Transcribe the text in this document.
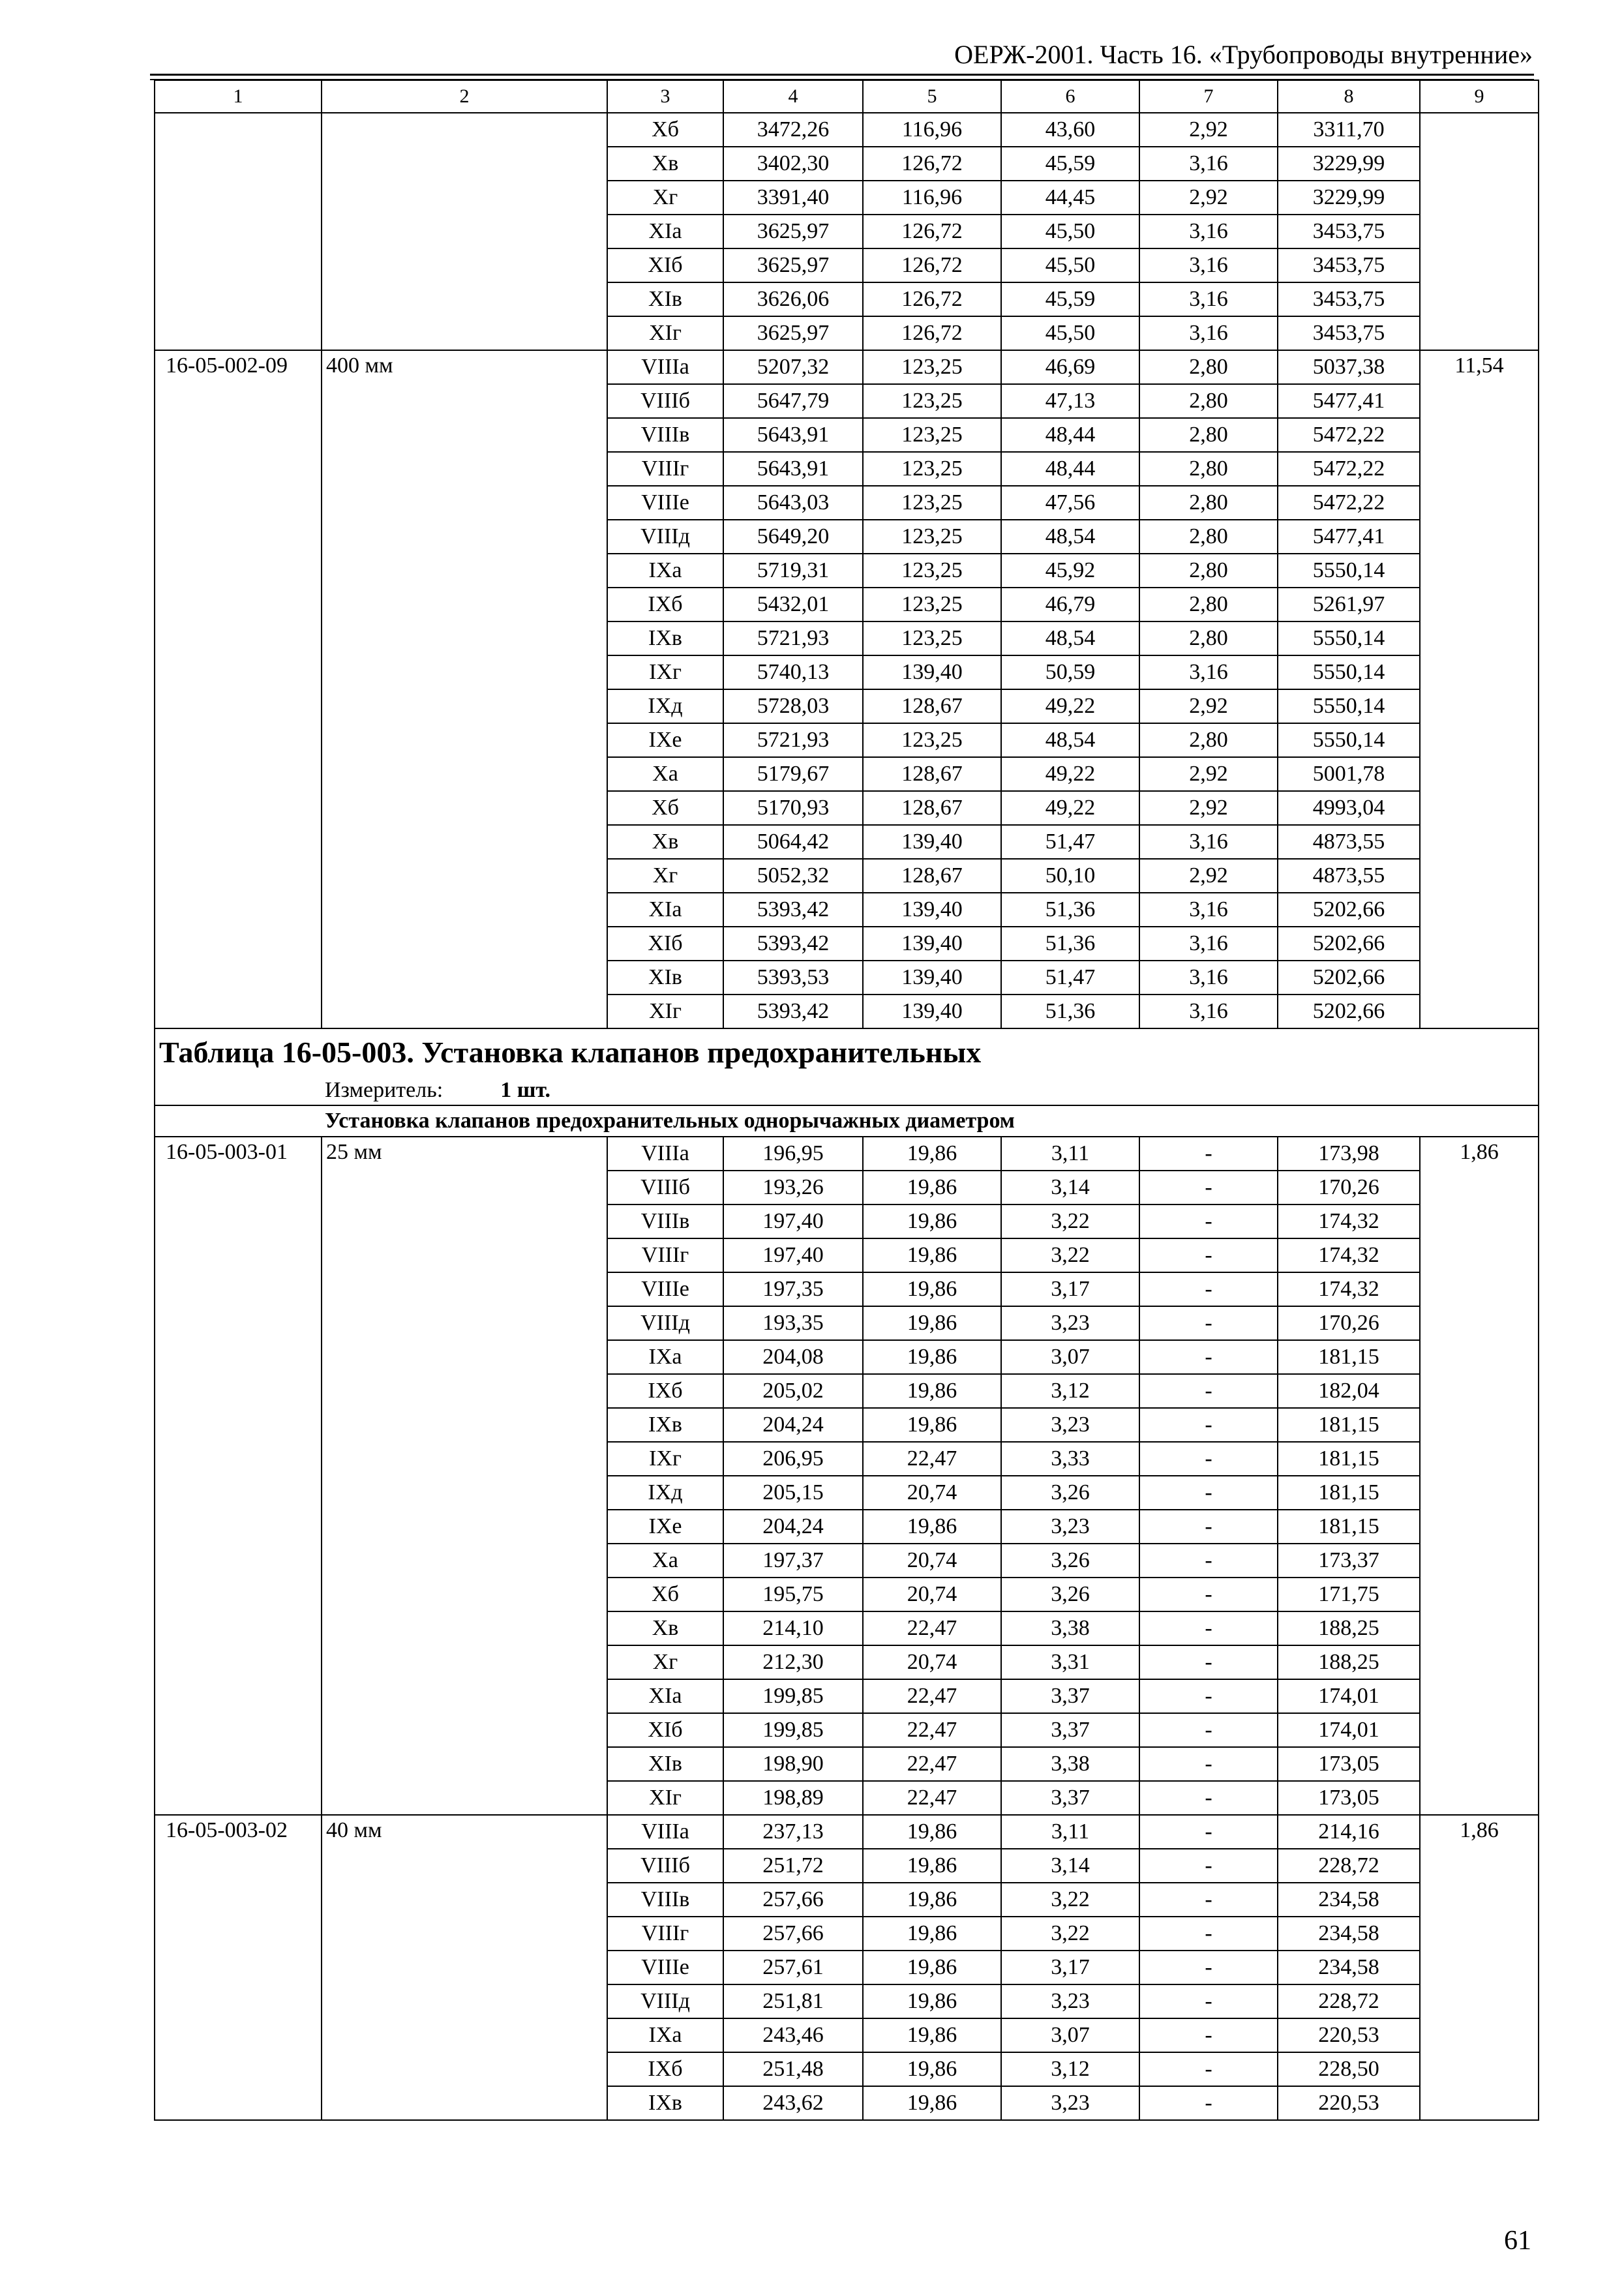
ОЕРЖ-2001. Часть 16. «Трубопроводы внутренние»
1	2	3	4	5	6	7	8	9
		Xб	3472,26	116,96	43,60	2,92	3311,70	
		Xв	3402,30	126,72	45,59	3,16	3229,99	
		Xг	3391,40	116,96	44,45	2,92	3229,99	
		XIа	3625,97	126,72	45,50	3,16	3453,75	
		XIб	3625,97	126,72	45,50	3,16	3453,75	
		XIв	3626,06	126,72	45,59	3,16	3453,75	
		XIг	3625,97	126,72	45,50	3,16	3453,75	
16-05-002-09	400 мм	VIIIа	5207,32	123,25	46,69	2,80	5037,38	11,54
		VIIIб	5647,79	123,25	47,13	2,80	5477,41	
		VIIIв	5643,91	123,25	48,44	2,80	5472,22	
		VIIIг	5643,91	123,25	48,44	2,80	5472,22	
		VIIIе	5643,03	123,25	47,56	2,80	5472,22	
		VIIIд	5649,20	123,25	48,54	2,80	5477,41	
		IXа	5719,31	123,25	45,92	2,80	5550,14	
		IXб	5432,01	123,25	46,79	2,80	5261,97	
		IXв	5721,93	123,25	48,54	2,80	5550,14	
		IXг	5740,13	139,40	50,59	3,16	5550,14	
		IXд	5728,03	128,67	49,22	2,92	5550,14	
		IXе	5721,93	123,25	48,54	2,80	5550,14	
		Xа	5179,67	128,67	49,22	2,92	5001,78	
		Xб	5170,93	128,67	49,22	2,92	4993,04	
		Xв	5064,42	139,40	51,47	3,16	4873,55	
		Xг	5052,32	128,67	50,10	2,92	4873,55	
		XIа	5393,42	139,40	51,36	3,16	5202,66	
		XIб	5393,42	139,40	51,36	3,16	5202,66	
		XIв	5393,53	139,40	51,47	3,16	5202,66	
		XIг	5393,42	139,40	51,36	3,16	5202,66	
Таблица 16-05-003. Установка клапанов предохранительных								
Измеритель: 1 шт.								
Установка клапанов предохранительных однорычажных диаметром								
16-05-003-01	25 мм	VIIIа	196,95	19,86	3,11	-	173,98	1,86
		VIIIб	193,26	19,86	3,14	-	170,26	
		VIIIв	197,40	19,86	3,22	-	174,32	
		VIIIг	197,40	19,86	3,22	-	174,32	
		VIIIе	197,35	19,86	3,17	-	174,32	
		VIIIд	193,35	19,86	3,23	-	170,26	
		IXа	204,08	19,86	3,07	-	181,15	
		IXб	205,02	19,86	3,12	-	182,04	
		IXв	204,24	19,86	3,23	-	181,15	
		IXг	206,95	22,47	3,33	-	181,15	
		IXд	205,15	20,74	3,26	-	181,15	
		IXе	204,24	19,86	3,23	-	181,15	
		Xа	197,37	20,74	3,26	-	173,37	
		Xб	195,75	20,74	3,26	-	171,75	
		Xв	214,10	22,47	3,38	-	188,25	
		Xг	212,30	20,74	3,31	-	188,25	
		XIа	199,85	22,47	3,37	-	174,01	
		XIб	199,85	22,47	3,37	-	174,01	
		XIв	198,90	22,47	3,38	-	173,05	
		XIг	198,89	22,47	3,37	-	173,05	
16-05-003-02	40 мм	VIIIа	237,13	19,86	3,11	-	214,16	1,86
		VIIIб	251,72	19,86	3,14	-	228,72	
		VIIIв	257,66	19,86	3,22	-	234,58	
		VIIIг	257,66	19,86	3,22	-	234,58	
		VIIIе	257,61	19,86	3,17	-	234,58	
		VIIIд	251,81	19,86	3,23	-	228,72	
		IXа	243,46	19,86	3,07	-	220,53	
		IXб	251,48	19,86	3,12	-	228,50	
		IXв	243,62	19,86	3,23	-	220,53	
61
